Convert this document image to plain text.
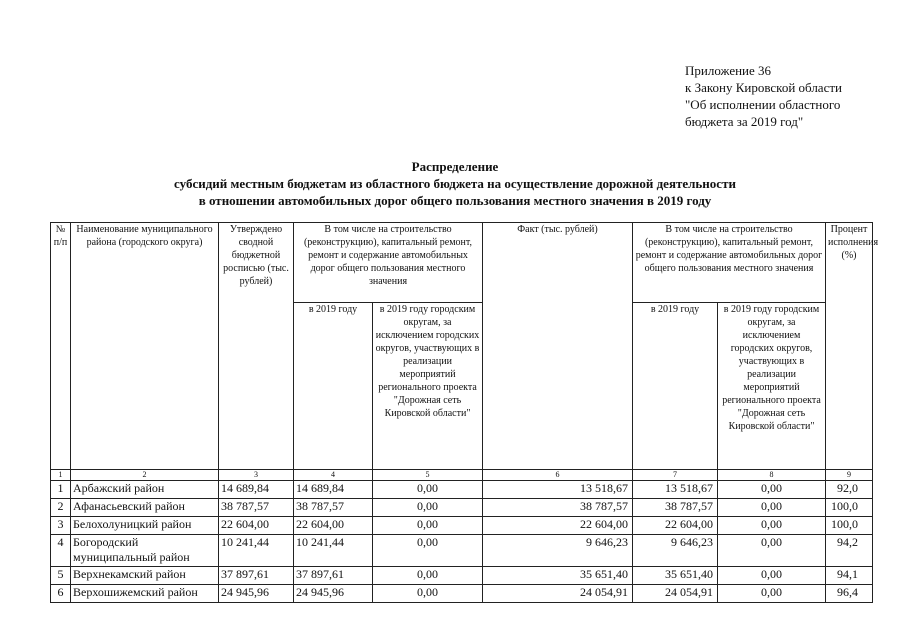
Приложение 36
к Закону Кировской области
"Об исполнении областного
бюджета за 2019 год"
Распределение
субсидий местным бюджетам из областного бюджета на осуществление дорожной деятельности
в отношении автомобильных дорог общего пользования местного значения в 2019 году
№ п/п	Наименование муниципального района (городского округа)	Утверждено сводной бюджетной росписью (тыс. рублей)	В том числе на строительство (реконструкцию), капитальный ремонт, ремонт и содержание автомобильных дорог общего пользования местного значения		Факт (тыс. рублей)	В том числе на строительство (реконструкцию), капитальный ремонт, ремонт и содержание автомобильных дорог общего пользования местного значения		Процент исполнения (%)
			в 2019 году	в 2019 году городским округам, за исключением городских округов, участвующих в реализации мероприятий регионального проекта "Дорожная сеть Кировской области"		в 2019 году	в 2019 году городским округам, за исключением городских округов, участвующих в реализации мероприятий регионального проекта "Дорожная сеть Кировской области"	
1	2	3	4	5	6	7	8	9
1	Арбажский район	14 689,84	14 689,84	0,00	13 518,67	13 518,67	0,00	92,0
2	Афанасьевский район	38 787,57	38 787,57	0,00	38 787,57	38 787,57	0,00	100,0
3	Белохолуницкий район	22 604,00	22 604,00	0,00	22 604,00	22 604,00	0,00	100,0
4	Богородский муниципальный район	10 241,44	10 241,44	0,00	9 646,23	9 646,23	0,00	94,2
5	Верхнекамский район	37 897,61	37 897,61	0,00	35 651,40	35 651,40	0,00	94,1
6	Верхошижемский район	24 945,96	24 945,96	0,00	24 054,91	24 054,91	0,00	96,4
